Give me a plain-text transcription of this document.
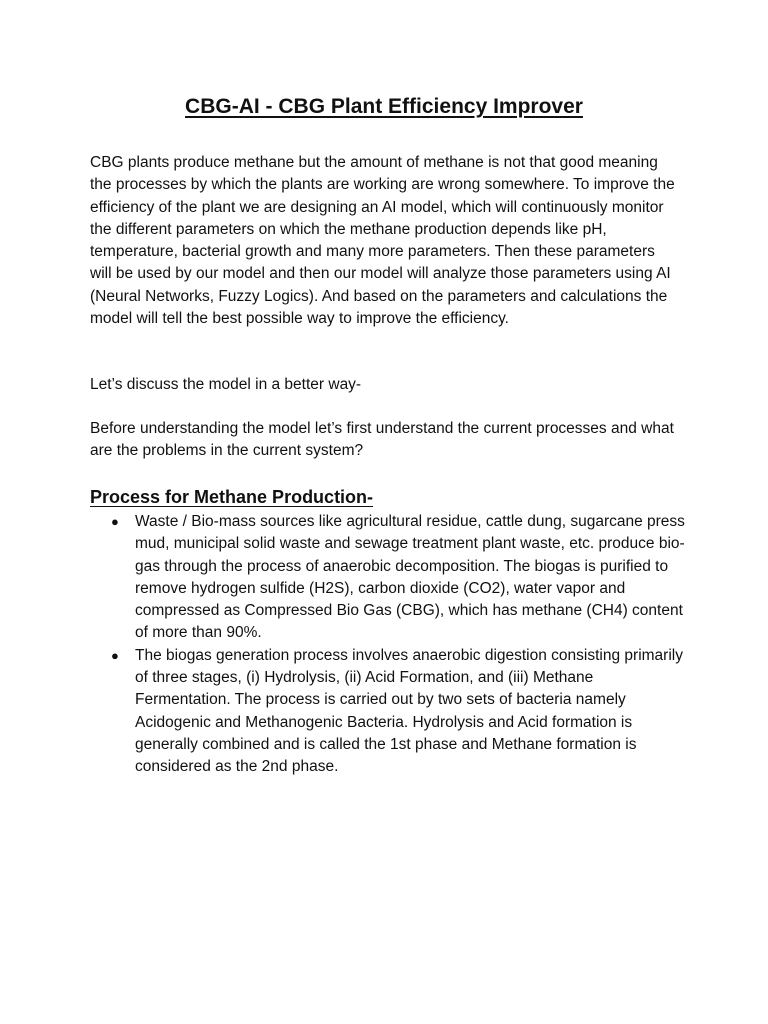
CBG-AI - CBG Plant Efficiency Improver

CBG plants produce methane but the amount of methane is not that good meaning the processes by which the plants are working are wrong somewhere. To improve the efficiency of the plant we are designing an AI model, which will continuously monitor the different parameters on which the methane production depends like pH, temperature, bacterial growth and many more parameters. Then these parameters will be used by our model and then our model will analyze those parameters using AI (Neural Networks, Fuzzy Logics). And based on the parameters and calculations the model will tell the best possible way to improve the efficiency.

Let’s discuss the model in a better way-

Before understanding the model let’s first understand the current processes and what are the problems in the current system?

Process for Methane Production-
● Waste / Bio-mass sources like agricultural residue, cattle dung, sugarcane press mud, municipal solid waste and sewage treatment plant waste, etc. produce bio-gas through the process of anaerobic decomposition. The biogas is purified to remove hydrogen sulfide (H2S), carbon dioxide (CO2), water vapor and compressed as Compressed Bio Gas (CBG), which has methane (CH4) content of more than 90%.
● The biogas generation process involves anaerobic digestion consisting primarily of three stages, (i) Hydrolysis, (ii) Acid Formation, and (iii) Methane Fermentation. The process is carried out by two sets of bacteria namely Acidogenic and Methanogenic Bacteria. Hydrolysis and Acid formation is generally combined and is called the 1st phase and Methane formation is considered as the 2nd phase.
